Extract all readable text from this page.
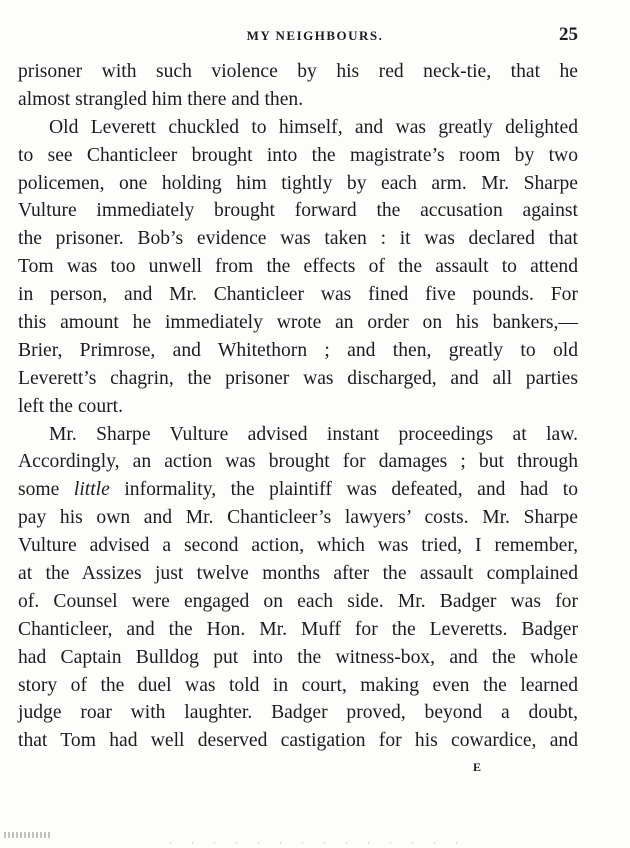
MY NEIGHBOURS.	25
prisoner with such violence by his red neck-tie, that he
almost strangled him there and then.
Old Leverett chuckled to himself, and was greatly delighted
to see Chanticleer brought into the magistrate’s room by two
policemen, one holding him tightly by each arm. Mr. Sharpe
Vulture immediately brought forward the accusation against
the prisoner. Bob’s evidence was taken : it was declared that
Tom was too unwell from the effects of the assault to attend
in person, and Mr. Chanticleer was fined five pounds. For
this amount he immediately wrote an order on his bankers,—
Brier, Primrose, and Whitethorn ; and then, greatly to old
Leverett’s chagrin, the prisoner was discharged, and all parties
left the court.
Mr. Sharpe Vulture advised instant proceedings at law.
Accordingly, an action was brought for damages ; but through
some little informality, the plaintiff was defeated, and had to
pay his own and Mr. Chanticleer’s lawyers’ costs. Mr. Sharpe
Vulture advised a second action, which was tried, I remember,
at the Assizes just twelve months after the assault complained
of. Counsel were engaged on each side. Mr. Badger was for
Chanticleer, and the Hon. Mr. Muff for the Leveretts. Badger
had Captain Bulldog put into the witness-box, and the whole
story of the duel was told in court, making even the learned
judge roar with laughter. Badger proved, beyond a doubt,
that Tom had well deserved castigation for his cowardice, and
E
